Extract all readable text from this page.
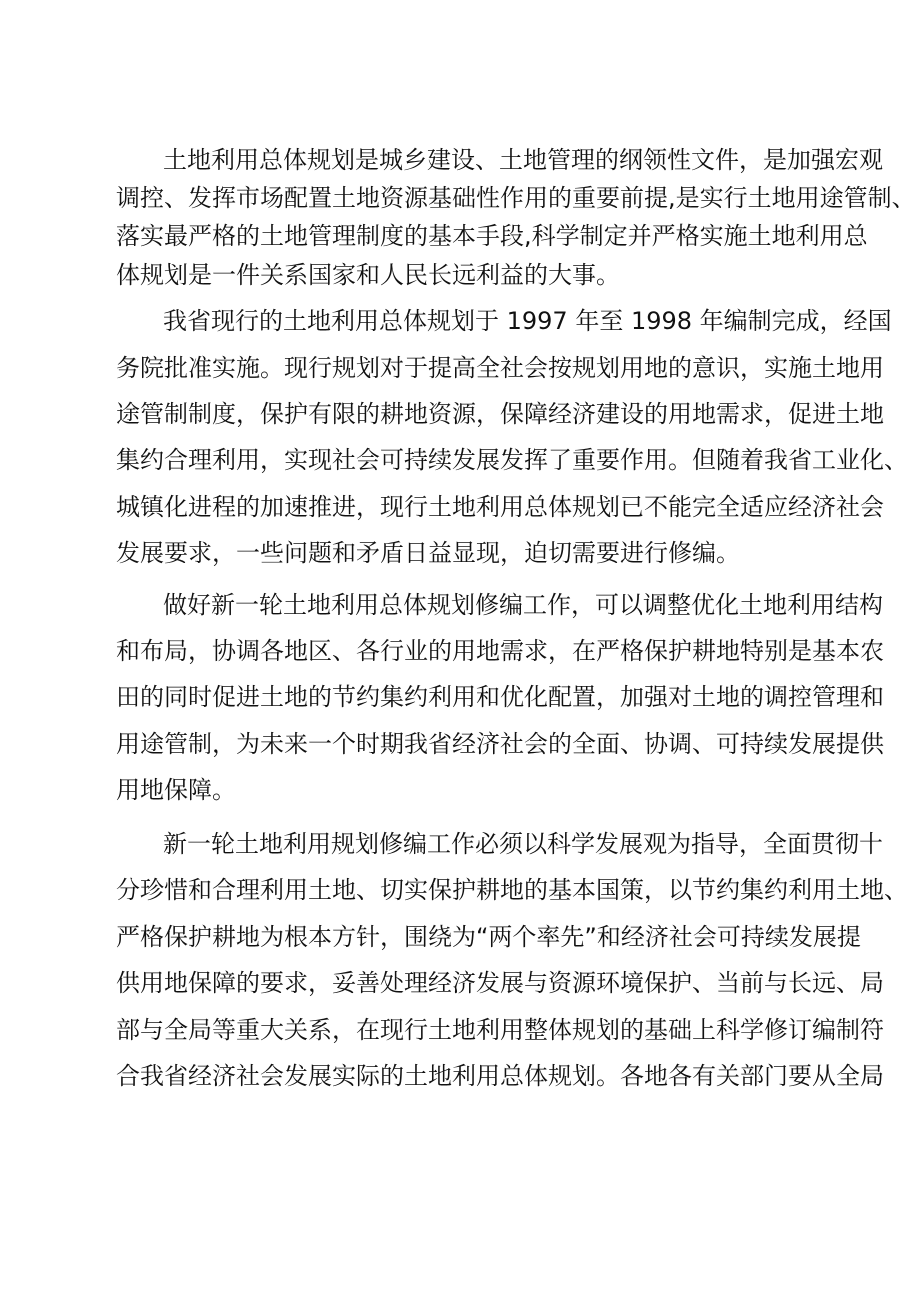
土地利用总体规划是城乡建设、土地管理的纲领性文件，是加强宏观

调控、发挥市场配置土地资源基础性作用的重要前提,是实行土地用途管制、

落实最严格的土地管理制度的基本手段,科学制定并严格实施土地利用总

体规划是一件关系国家和人民长远利益的大事。

我省现行的土地利用总体规划于 1997 年至 1998 年编制完成，经国

务院批准实施。现行规划对于提高全社会按规划用地的意识，实施土地用

途管制制度，保护有限的耕地资源，保障经济建设的用地需求，促进土地

集约合理利用，实现社会可持续发展发挥了重要作用。但随着我省工业化、

城镇化进程的加速推进，现行土地利用总体规划已不能完全适应经济社会

发展要求，一些问题和矛盾日益显现，迫切需要进行修编。

做好新一轮土地利用总体规划修编工作，可以调整优化土地利用结构

和布局，协调各地区、各行业的用地需求，在严格保护耕地特别是基本农

田的同时促进土地的节约集约利用和优化配置，加强对土地的调控管理和

用途管制，为未来一个时期我省经济社会的全面、协调、可持续发展提供

用地保障。

新一轮土地利用规划修编工作必须以科学发展观为指导，全面贯彻十

分珍惜和合理利用土地、切实保护耕地的基本国策，以节约集约利用土地、

严格保护耕地为根本方针，围绕为“两个率先”和经济社会可持续发展提

供用地保障的要求，妥善处理经济发展与资源环境保护、当前与长远、局

部与全局等重大关系，在现行土地利用整体规划的基础上科学修订编制符

合我省经济社会发展实际的土地利用总体规划。各地各有关部门要从全局
